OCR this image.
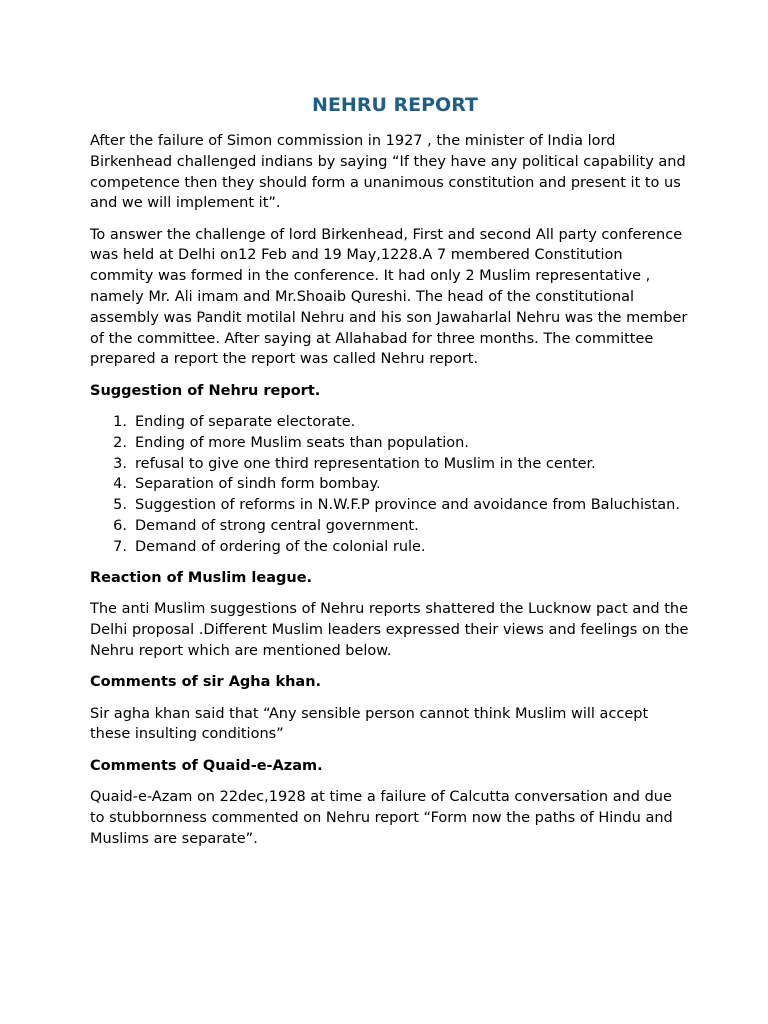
NEHRU REPORT

After the failure of Simon commission in 1927 , the minister of India lord Birkenhead challenged indians by saying “If they have any political capability and competence then they should form a unanimous constitution and present it to us and we will implement it”.

To answer the challenge of lord Birkenhead, First and second All party conference was held at Delhi on12 Feb and 19 May,1228.A 7 membered Constitution commity was formed in the conference. It had only 2 Muslim representative , namely Mr. Ali imam and Mr.Shoaib Qureshi. The head of the constitutional assembly was Pandit motilal Nehru and his son Jawaharlal Nehru was the member of the committee. After saying at Allahabad for three months. The committee prepared a report the report was called Nehru report.

Suggestion of Nehru report.
1. Ending of separate electorate.
2. Ending of more Muslim seats than population.
3. refusal to give one third representation to Muslim in the center.
4. Separation of sindh form bombay.
5. Suggestion of reforms in N.W.F.P province and avoidance from Baluchistan.
6. Demand of strong central government.
7. Demand of ordering of the colonial rule.
Reaction of Muslim league.

The anti Muslim suggestions of Nehru reports shattered the Lucknow pact and the Delhi proposal .Different Muslim leaders expressed their views and feelings on the Nehru report which are mentioned below.

Comments of sir Agha khan.

Sir agha khan said that “Any sensible person cannot think Muslim will accept these insulting conditions”

Comments of Quaid-e-Azam.

Quaid-e-Azam on 22dec,1928 at time a failure of Calcutta conversation and due to stubbornness commented on Nehru report “Form now the paths of Hindu and Muslims are separate”.
